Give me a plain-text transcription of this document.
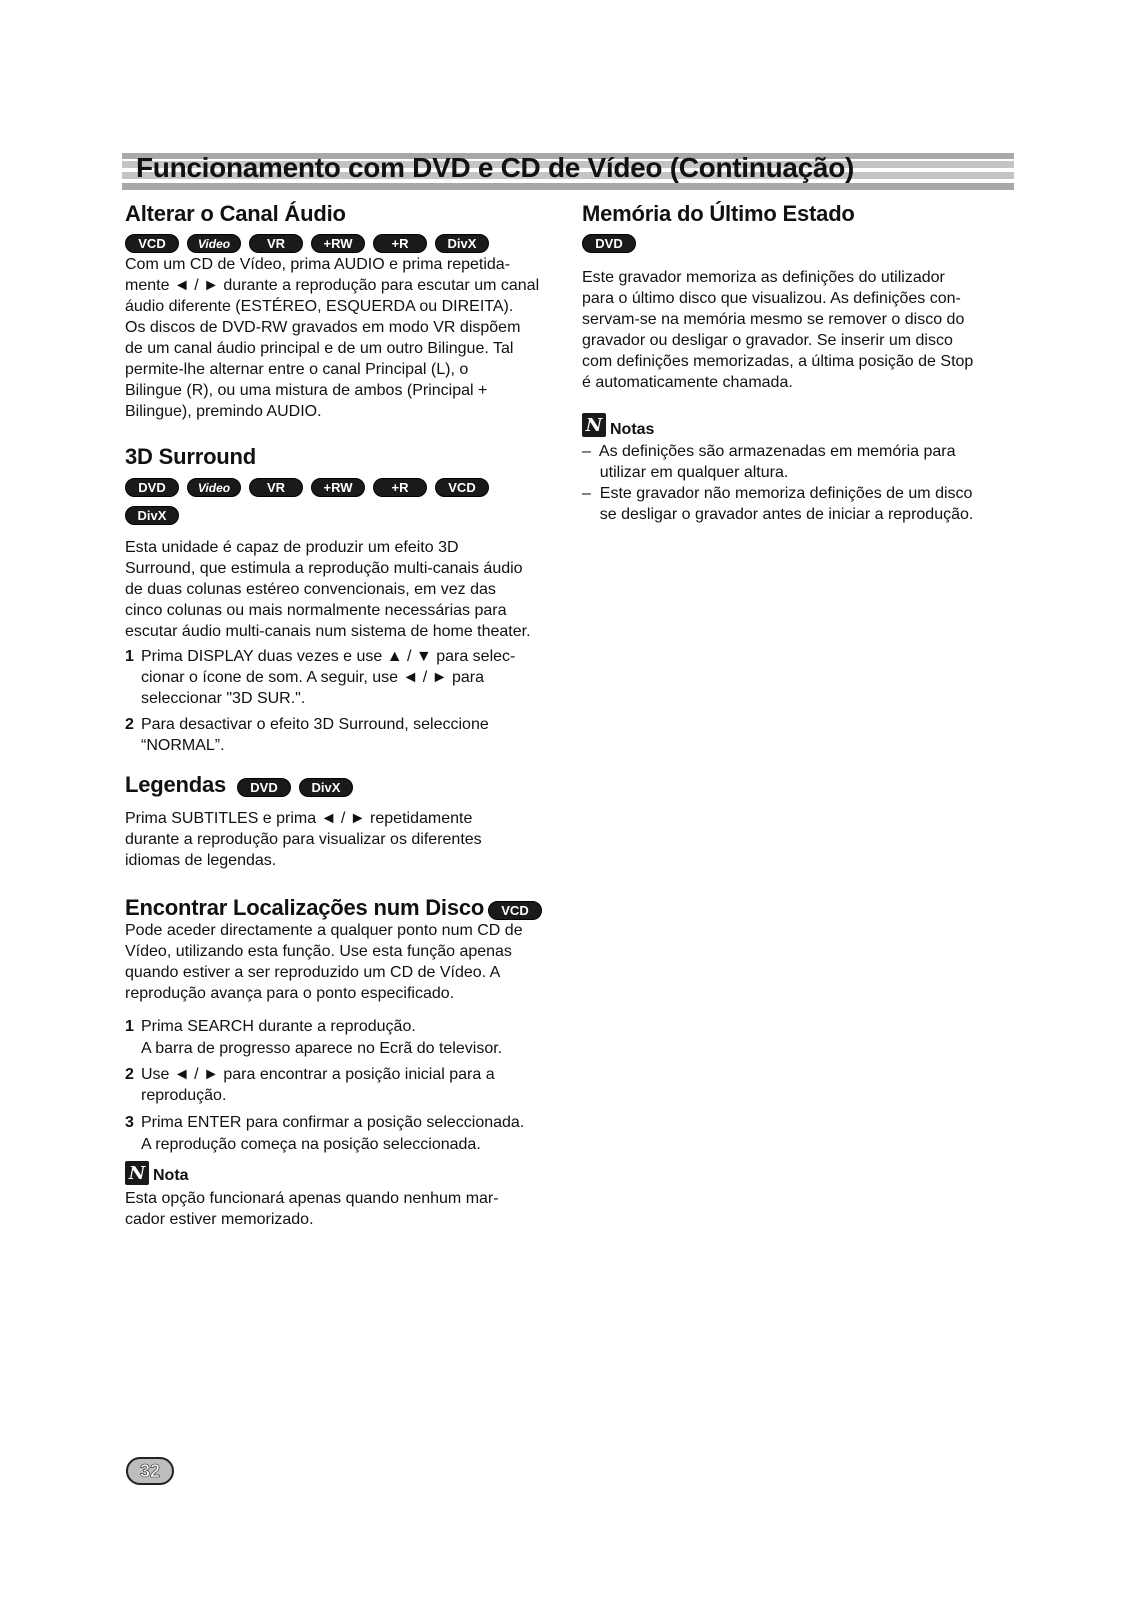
Funcionamento com DVD e CD de Vídeo (Continuação)
Alterar o Canal Áudio
VCD	Video	VR	+RW	+R	DivX

Com um CD de Vídeo, prima AUDIO e prima repetida-

mente ◄ / ► durante a reprodução para escutar um canal

áudio diferente (ESTÉREO, ESQUERDA ou DIREITA).

Os discos de DVD-RW gravados em modo VR dispõem

de um canal áudio principal e de um outro Bilingue. Tal

permite-lhe alternar entre o canal Principal (L), o

Bilingue (R), ou uma mistura de ambos (Principal +

Bilingue), premindo AUDIO.

3D Surround
DVD	Video	VR	+RW	+R	VCD
DivX

Esta unidade é capaz de produzir um efeito 3D

Surround, que estimula a reprodução multi-canais áudio

de duas colunas estéreo convencionais, em vez das

cinco colunas ou mais normalmente necessárias para

escutar áudio multi-canais num sistema de home theater.

1 Prima DISPLAY duas vezes e use ▲ / ▼ para selec-
cionar o ícone de som. A seguir, use ◄ / ► para
seleccionar "3D SUR.".
2 Para desactivar o efeito 3D Surround, seleccione
“NORMAL”.
Legendas	DVD	DivX

Prima SUBTITLES e prima ◄ / ► repetidamente

durante a reprodução para visualizar os diferentes

idiomas de legendas.

Encontrar Localizações num Disco	VCD

Pode aceder directamente a qualquer ponto num CD de

Vídeo, utilizando esta função. Use esta função apenas

quando estiver a ser reproduzido um CD de Vídeo. A

reprodução avança para o ponto especificado.

1 Prima SEARCH durante a reprodução.
A barra de progresso aparece no Ecrã do televisor.
2 Use ◄ / ► para encontrar a posição inicial para a
reprodução.
3 Prima ENTER para confirmar a posição seleccionada.
A reprodução começa na posição seleccionada.
N Nota

Esta opção funcionará apenas quando nenhum mar-

cador estiver memorizado.

Memória do Último Estado
DVD

Este gravador memoriza as definições do utilizador

para o último disco que visualizou. As definições con-

servam-se na memória mesmo se remover o disco do

gravador ou desligar o gravador. Se inserir um disco

com definições memorizadas, a última posição de Stop

é automaticamente chamada.

N Notas

–  As definições são armazenadas em memória para

utilizar em qualquer altura.

–  Este gravador não memoriza definições de um disco

se desligar o gravador antes de iniciar a reprodução.

32
